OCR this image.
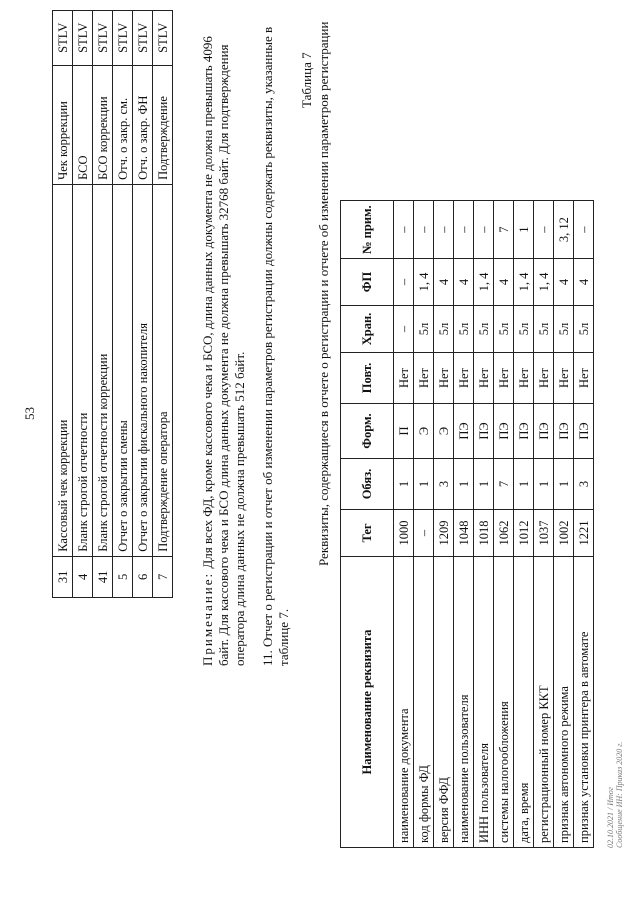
53
31	Кассовый чек коррекции	Чек коррекции	STLV
4	Бланк строгой отчетности	БСО	STLV
41	Бланк строгой отчетности коррекции	БСО коррекции	STLV
5	Отчет о закрытии смены	Отч. о закр. см.	STLV
6	Отчет о закрытии фискального накопителя	Отч. о закр. ФН	STLV
7	Подтверждение оператора	Подтверждение	STLV
Примечание: Для всех ФД, кроме кассового чека и БСО, длина данных документа не должна превышать 4096 байт. Для кассового чека и БСО длина данных документа не должна превышать 32768 байт. Для подтверждения оператора длина данных не должна превышать 512 байт. 11. Отчет о регистрации и отчет об изменении параметров регистрации должны содержать реквизиты, указанные в таблице 7.
Таблица 7 Реквизиты, содержащиеся в отчете о регистрации и отчете об изменении параметров регистрации
Наименование реквизита	Тег	Обяз.	Форм.	Повт.	Хран.	ФП	№ прим.
наименование документа	1000	1	П	Нет	–	–	–
код формы ФД	–	1	Э	Нет	5л	1, 4	–
версия ФФД	1209	3	Э	Нет	5л	4	–
наименование пользователя	1048	1	ПЭ	Нет	5л	4	–
ИНН пользователя	1018	1	ПЭ	Нет	5л	1, 4	–
системы налогообложения	1062	7	ПЭ	Нет	5л	4	7
дата, время	1012	1	ПЭ	Нет	5л	1, 4	1
регистрационный номер ККТ	1037	1	ПЭ	Нет	5л	1, 4	–
признак автономного режима	1002	1	ПЭ	Нет	5л	4	3, 12
признак установки принтера в автомате	1221	3	ПЭ	Нет	5л	4	–
02.10.2021 / Итог Сообщение ИН: Приказ 2020 г.
